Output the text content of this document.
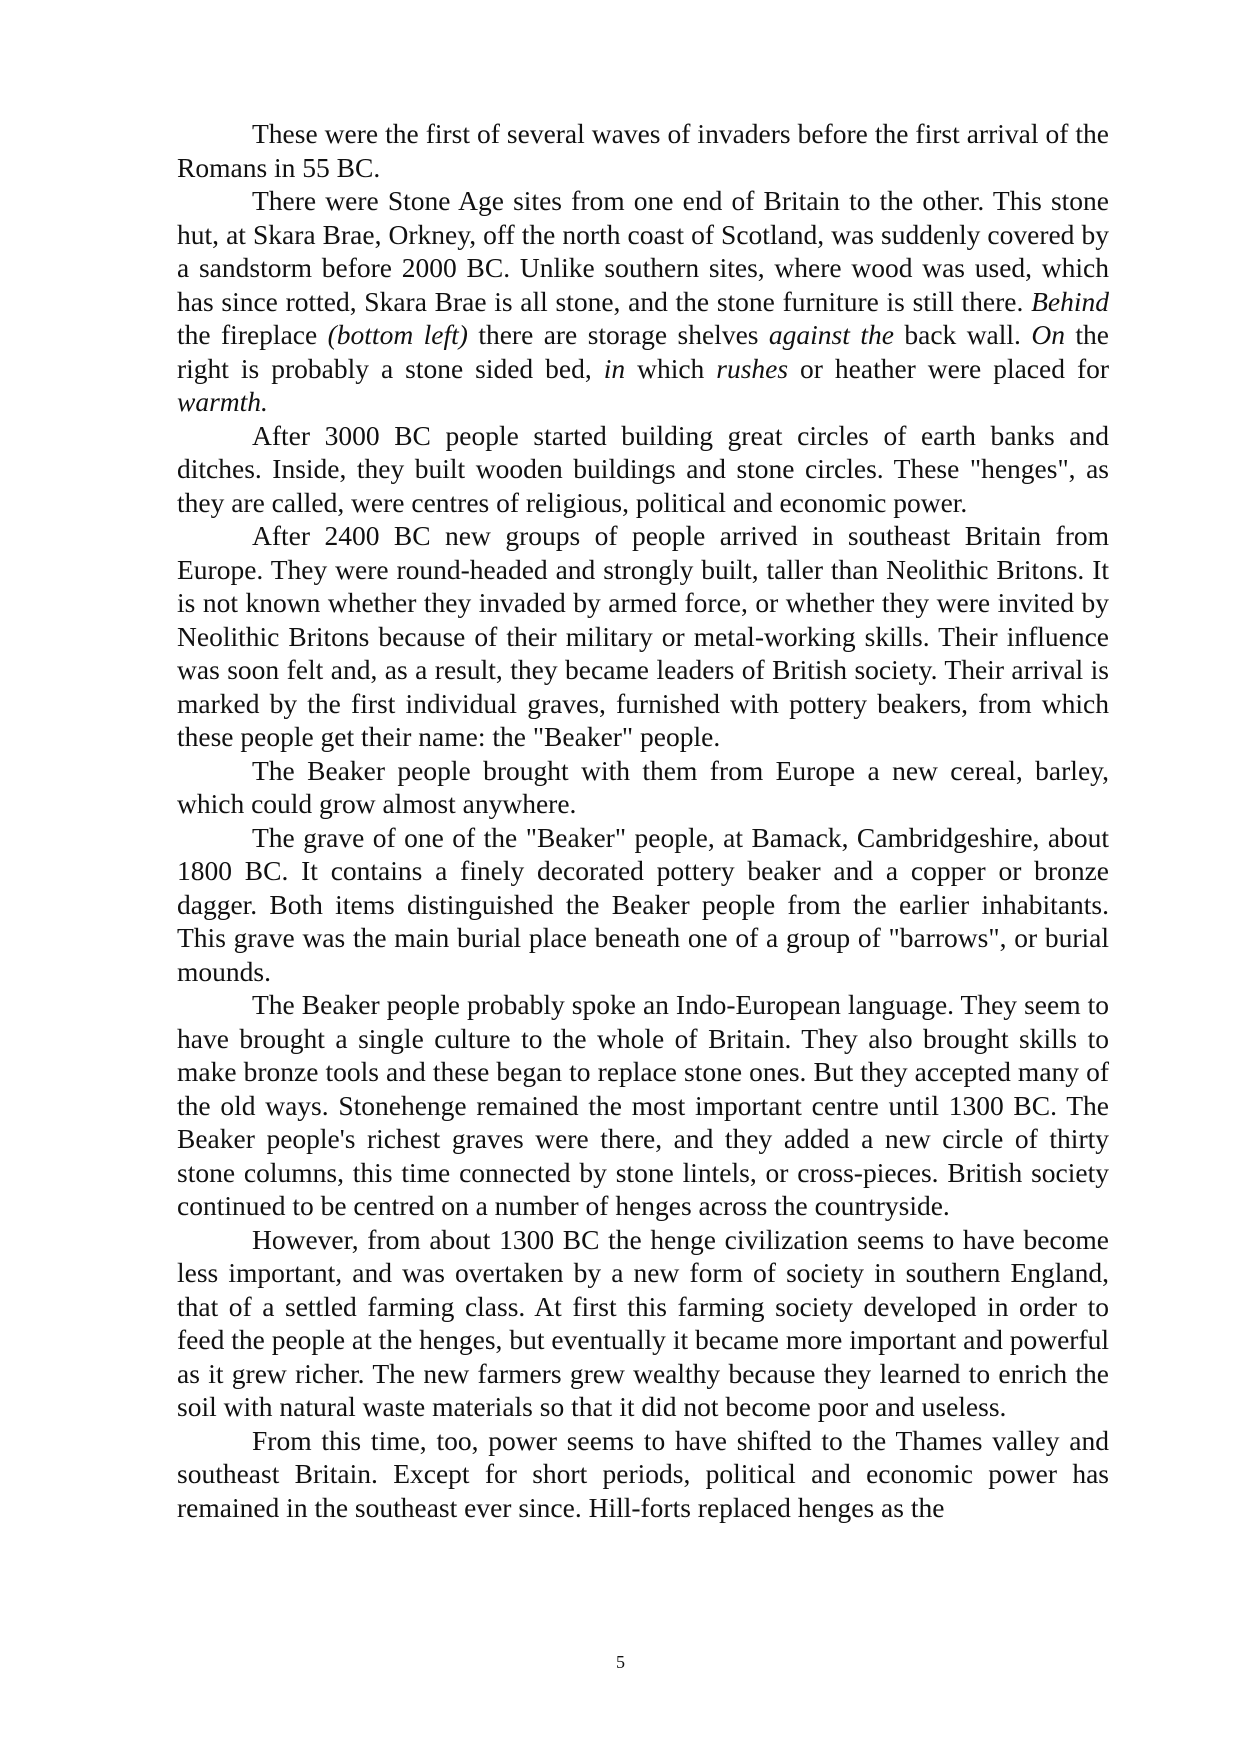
These were the first of several waves of invaders before the first arrival of the Romans in 55 BC.

There were Stone Age sites from one end of Britain to the other. This stone hut, at Skara Brae, Orkney, off the north coast of Scotland, was suddenly covered by a sandstorm before 2000 BC. Unlike southern sites, where wood was used, which has since rotted, Skara Brae is all stone, and the stone furniture is still there. Behind the fireplace (bottom left) there are storage shelves against the back wall. On the right is probably a stone sided bed, in which rushes or heather were placed for warmth.

After 3000 BC people started building great circles of earth banks and ditches. Inside, they built wooden buildings and stone circles. These "henges", as they are called, were centres of religious, political and economic power.

After 2400 BC new groups of people arrived in southeast Britain from Europe. They were round-headed and strongly built, taller than Neolithic Britons. It is not known whether they invaded by armed force, or whether they were invited by Neolithic Britons because of their military or metal-working skills. Their influence was soon felt and, as a result, they became leaders of British society. Their arrival is marked by the first individual graves, furnished with pottery beakers, from which these people get their name: the "Beaker" people.

The Beaker people brought with them from Europe a new cereal, barley, which could grow almost anywhere.

The grave of one of the "Beaker" people, at Bamack, Cambridgeshire, about 1800 BC. It contains a finely decorated pottery beaker and a copper or bronze dagger. Both items distinguished the Beaker people from the earlier inhabitants. This grave was the main burial place beneath one of a group of "barrows", or burial mounds.

The Beaker people probably spoke an Indo-European language. They seem to have brought a single culture to the whole of Britain. They also brought skills to make bronze tools and these began to replace stone ones. But they accepted many of the old ways. Stonehenge remained the most important centre until 1300 BC. The Beaker people's richest graves were there, and they added a new circle of thirty stone columns, this time connected by stone lintels, or cross-pieces. British society continued to be centred on a number of henges across the countryside.

However, from about 1300 BC the henge civilization seems to have become less important, and was overtaken by a new form of society in southern England, that of a settled farming class. At first this farming society developed in order to feed the people at the henges, but eventually it became more important and powerful as it grew richer. The new farmers grew wealthy because they learned to enrich the soil with natural waste materials so that it did not become poor and useless.

From this time, too, power seems to have shifted to the Thames valley and southeast Britain. Except for short periods, political and economic power has remained in the southeast ever since. Hill-forts replaced henges as the

5
